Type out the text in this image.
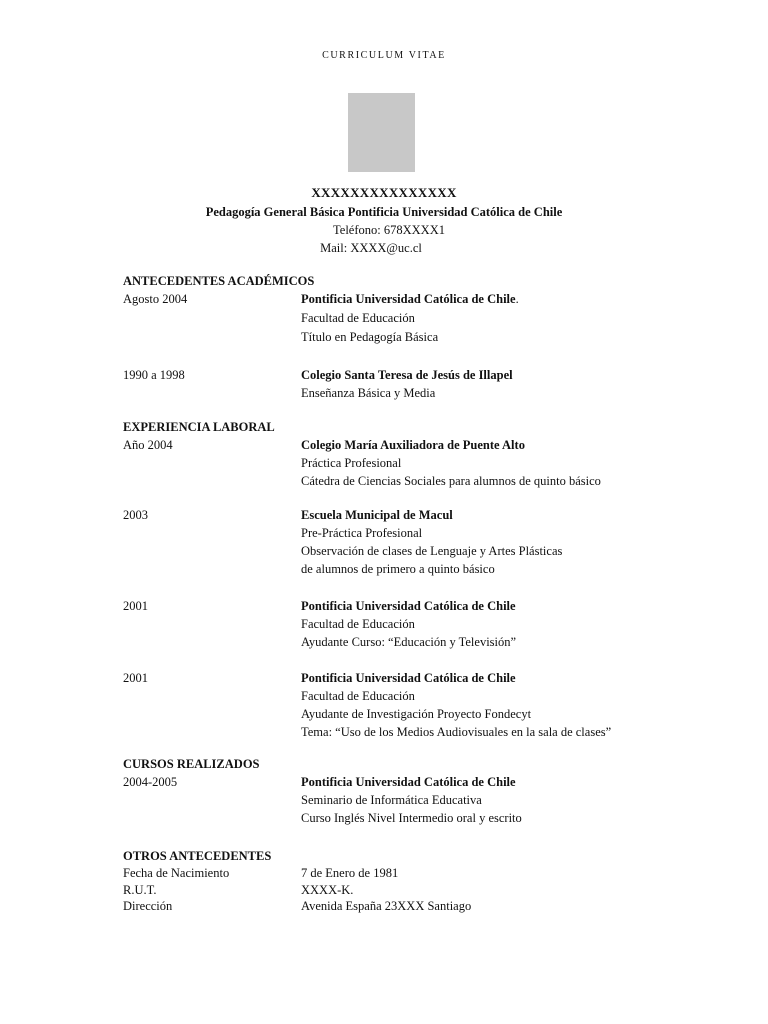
CURRICULUM VITAE
XXXXXXXXXXXXXXX
Pedagogía General Básica Pontificia Universidad Católica de Chile
Teléfono: 678XXXX1
Mail: XXXX@uc.cl
ANTECEDENTES ACADÉMICOS
Agosto 2004	Pontificia Universidad Católica de Chile.
Facultad de Educación
Título en Pedagogía Básica
1990 a 1998	Colegio Santa Teresa de Jesús de Illapel
Enseñanza Básica y Media
EXPERIENCIA LABORAL
Año 2004	Colegio María Auxiliadora de Puente Alto
Práctica Profesional
Cátedra de Ciencias Sociales para alumnos de quinto básico
2003	Escuela Municipal de Macul
Pre-Práctica Profesional
Observación de clases de Lenguaje y Artes Plásticas
de alumnos de primero a quinto básico
2001	Pontificia Universidad Católica de Chile
Facultad de Educación
Ayudante Curso: “Educación y Televisión”
2001	Pontificia Universidad Católica de Chile
Facultad de Educación
Ayudante de Investigación Proyecto Fondecyt
Tema: “Uso de los Medios Audiovisuales en la sala de clases”
CURSOS REALIZADOS
2004-2005	Pontificia Universidad Católica de Chile
Seminario de Informática Educativa
Curso Inglés Nivel Intermedio oral y escrito
OTROS ANTECEDENTES
Fecha de Nacimiento	7 de Enero de 1981
R.U.T.	XXXX-K.
Dirección	Avenida España 23XXX Santiago
